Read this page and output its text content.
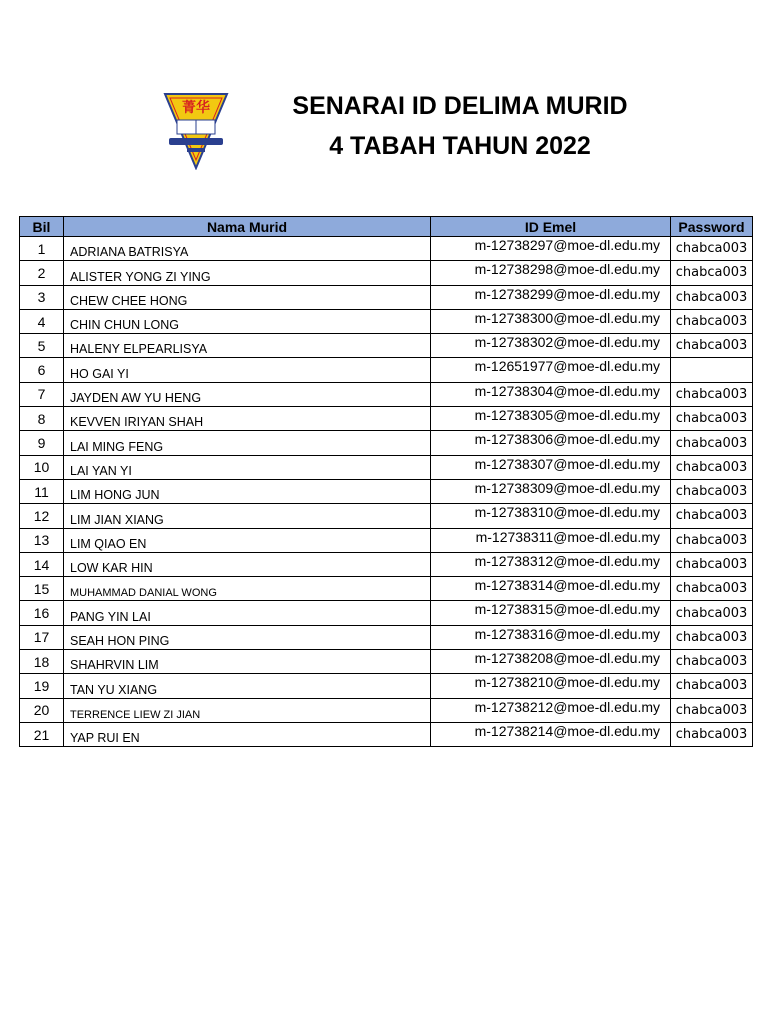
菁华	SENARAI ID DELIMA MURID
4 TABAH TAHUN 2022
Bil	Nama Murid	ID Emel	Password
1	ADRIANA BATRISYA	m-12738297@moe-dl.edu.my	chabca003
2	ALISTER YONG ZI YING	m-12738298@moe-dl.edu.my	chabca003
3	CHEW CHEE HONG	m-12738299@moe-dl.edu.my	chabca003
4	CHIN CHUN LONG	m-12738300@moe-dl.edu.my	chabca003
5	HALENY ELPEARLISYA	m-12738302@moe-dl.edu.my	chabca003
6	HO GAI YI	m-12651977@moe-dl.edu.my	
7	JAYDEN AW YU HENG	m-12738304@moe-dl.edu.my	chabca003
8	KEVVEN IRIYAN SHAH	m-12738305@moe-dl.edu.my	chabca003
9	LAI MING FENG	m-12738306@moe-dl.edu.my	chabca003
10	LAI YAN YI	m-12738307@moe-dl.edu.my	chabca003
11	LIM HONG JUN	m-12738309@moe-dl.edu.my	chabca003
12	LIM JIAN XIANG	m-12738310@moe-dl.edu.my	chabca003
13	LIM QIAO EN	m-12738311@moe-dl.edu.my	chabca003
14	LOW KAR HIN	m-12738312@moe-dl.edu.my	chabca003
15	MUHAMMAD DANIAL WONG	m-12738314@moe-dl.edu.my	chabca003
16	PANG YIN LAI	m-12738315@moe-dl.edu.my	chabca003
17	SEAH HON PING	m-12738316@moe-dl.edu.my	chabca003
18	SHAHRVIN LIM	m-12738208@moe-dl.edu.my	chabca003
19	TAN YU XIANG	m-12738210@moe-dl.edu.my	chabca003
20	TERRENCE LIEW ZI JIAN	m-12738212@moe-dl.edu.my	chabca003
21	YAP RUI EN	m-12738214@moe-dl.edu.my	chabca003
